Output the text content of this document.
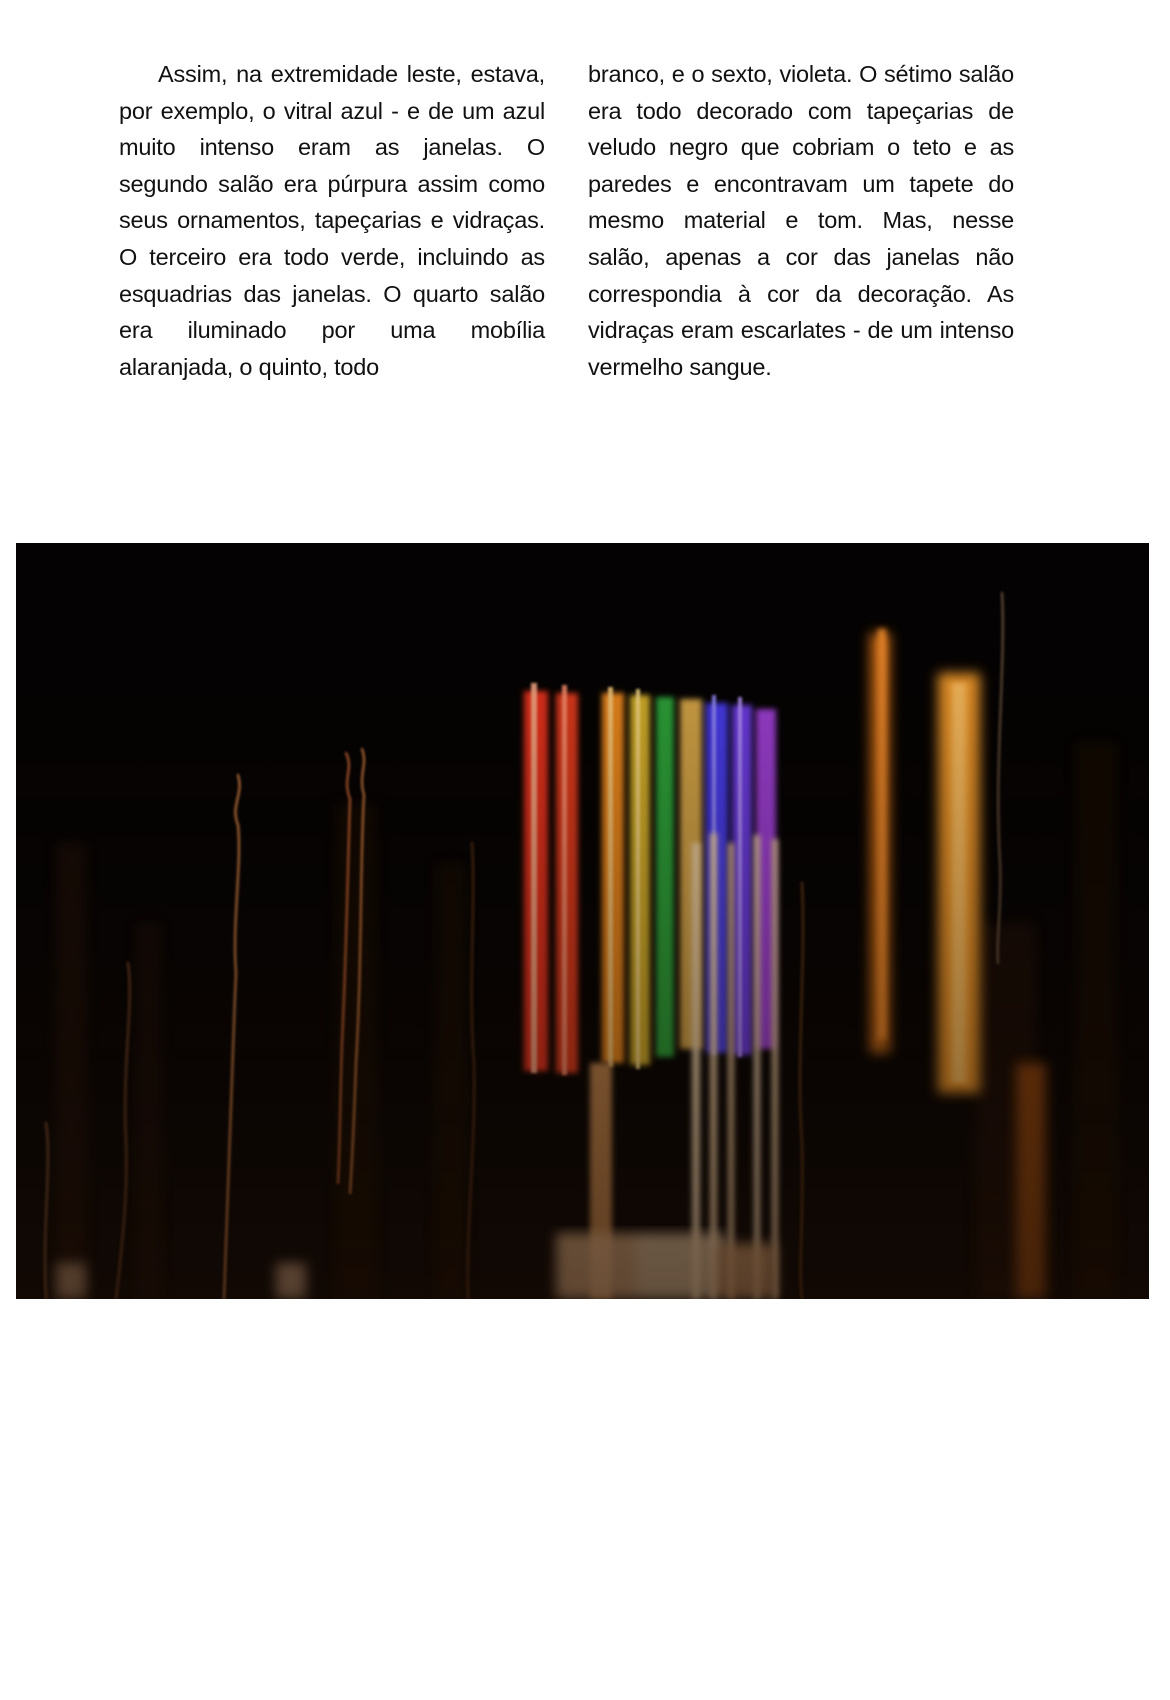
Assim, na extremidade leste, estava, por exemplo, o vitral azul - e de um azul muito intenso eram as janelas. O segundo salão era púrpura assim como seus ornamentos, tapeçarias e vidraças. O terceiro era todo verde, incluindo as esquadrias das janelas. O quarto salão era iluminado por uma mobília alaranjada, o quinto, todo

branco, e o sexto, violeta. O sétimo salão era todo decorado com tapeçarias de veludo negro que cobriam o teto e as paredes e encontravam um tapete do mesmo material e tom. Mas, nesse salão, apenas a cor das janelas não correspondia à cor da decoração. As vidraças eram escarlates - de um intenso vermelho sangue.
